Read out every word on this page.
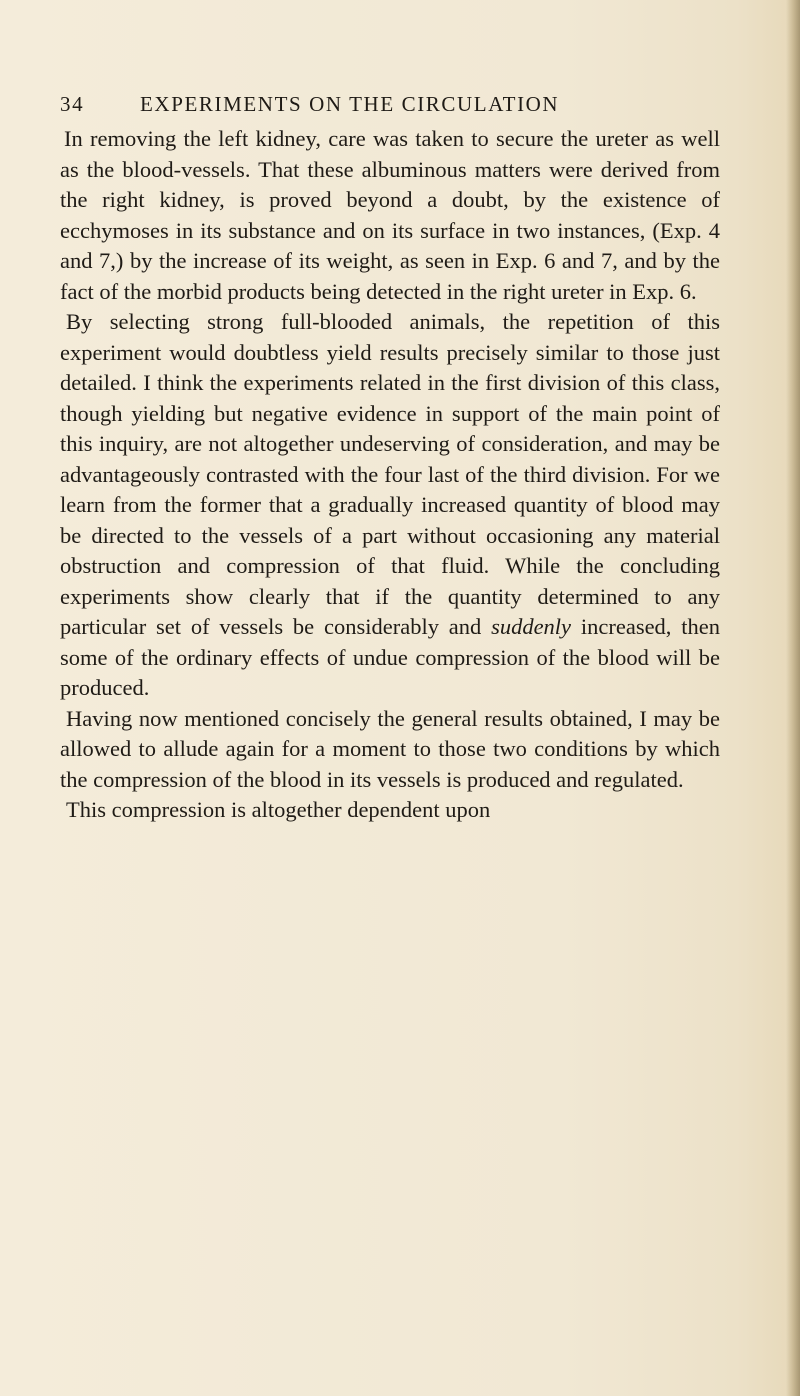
34	EXPERIMENTS ON THE CIRCULATION

In removing the left kidney, care was taken to secure the ureter as well as the blood-vessels. That these albuminous matters were derived from the right kidney, is proved beyond a doubt, by the existence of ecchymoses in its substance and on its surface in two instances, (Exp. 4 and 7,) by the increase of its weight, as seen in Exp. 6 and 7, and by the fact of the morbid products being detected in the right ureter in Exp. 6.

By selecting strong full-blooded animals, the repetition of this experiment would doubtless yield results precisely similar to those just detailed. I think the experiments related in the first division of this class, though yielding but negative evidence in support of the main point of this inquiry, are not altogether undeserving of consideration, and may be advantageously contrasted with the four last of the third division. For we learn from the former that a gradually increased quantity of blood may be directed to the vessels of a part without occasioning any material obstruction and compression of that fluid. While the concluding experiments show clearly that if the quantity determined to any particular set of vessels be considerably and suddenly increased, then some of the ordinary effects of undue compression of the blood will be produced.

Having now mentioned concisely the general results obtained, I may be allowed to allude again for a moment to those two conditions by which the compression of the blood in its vessels is produced and regulated.

This compression is altogether dependent upon
